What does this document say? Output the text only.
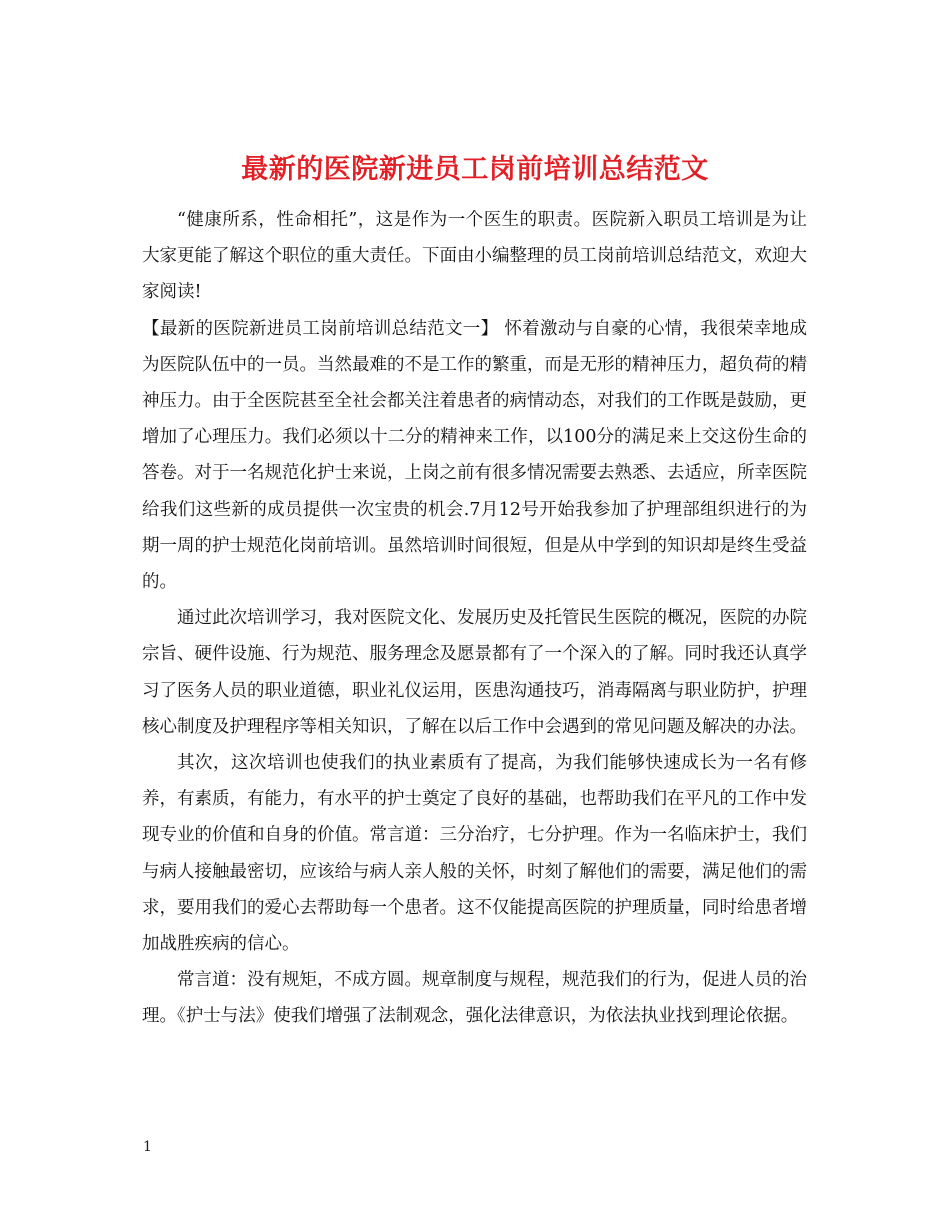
最新的医院新进员工岗前培训总结范文

“健康所系，性命相托”，这是作为一个医生的职责。医院新入职员工培训是为让大家更能了解这个职位的重大责任。下面由小编整理的员工岗前培训总结范文，欢迎大家阅读!

【最新的医院新进员工岗前培训总结范文一】 怀着激动与自豪的心情，我很荣幸地成为医院队伍中的一员。当然最难的不是工作的繁重，而是无形的精神压力，超负荷的精神压力。由于全医院甚至全社会都关注着患者的病情动态，对我们的工作既是鼓励，更增加了心理压力。我们必须以十二分的精神来工作，以100分的满足来上交这份生命的答卷。对于一名规范化护士来说，上岗之前有很多情况需要去熟悉、去适应，所幸医院给我们这些新的成员提供一次宝贵的机会.7月12号开始我参加了护理部组织进行的为期一周的护士规范化岗前培训。虽然培训时间很短，但是从中学到的知识却是终生受益的。

通过此次培训学习，我对医院文化、发展历史及托管民生医院的概况，医院的办院宗旨、硬件设施、行为规范、服务理念及愿景都有了一个深入的了解。同时我还认真学习了医务人员的职业道德，职业礼仪运用，医患沟通技巧，消毒隔离与职业防护，护理核心制度及护理程序等相关知识，了解在以后工作中会遇到的常见问题及解决的办法。

其次，这次培训也使我们的执业素质有了提高，为我们能够快速成长为一名有修养，有素质，有能力，有水平的护士奠定了良好的基础，也帮助我们在平凡的工作中发现专业的价值和自身的价值。常言道：三分治疗，七分护理。作为一名临床护士，我们与病人接触最密切，应该给与病人亲人般的关怀，时刻了解他们的需要，满足他们的需求，要用我们的爱心去帮助每一个患者。这不仅能提高医院的护理质量，同时给患者增加战胜疾病的信心。

常言道：没有规矩，不成方圆。规章制度与规程，规范我们的行为，促进人员的治理。《护士与法》使我们增强了法制观念，强化法律意识，为依法执业找到理论依据。

1
